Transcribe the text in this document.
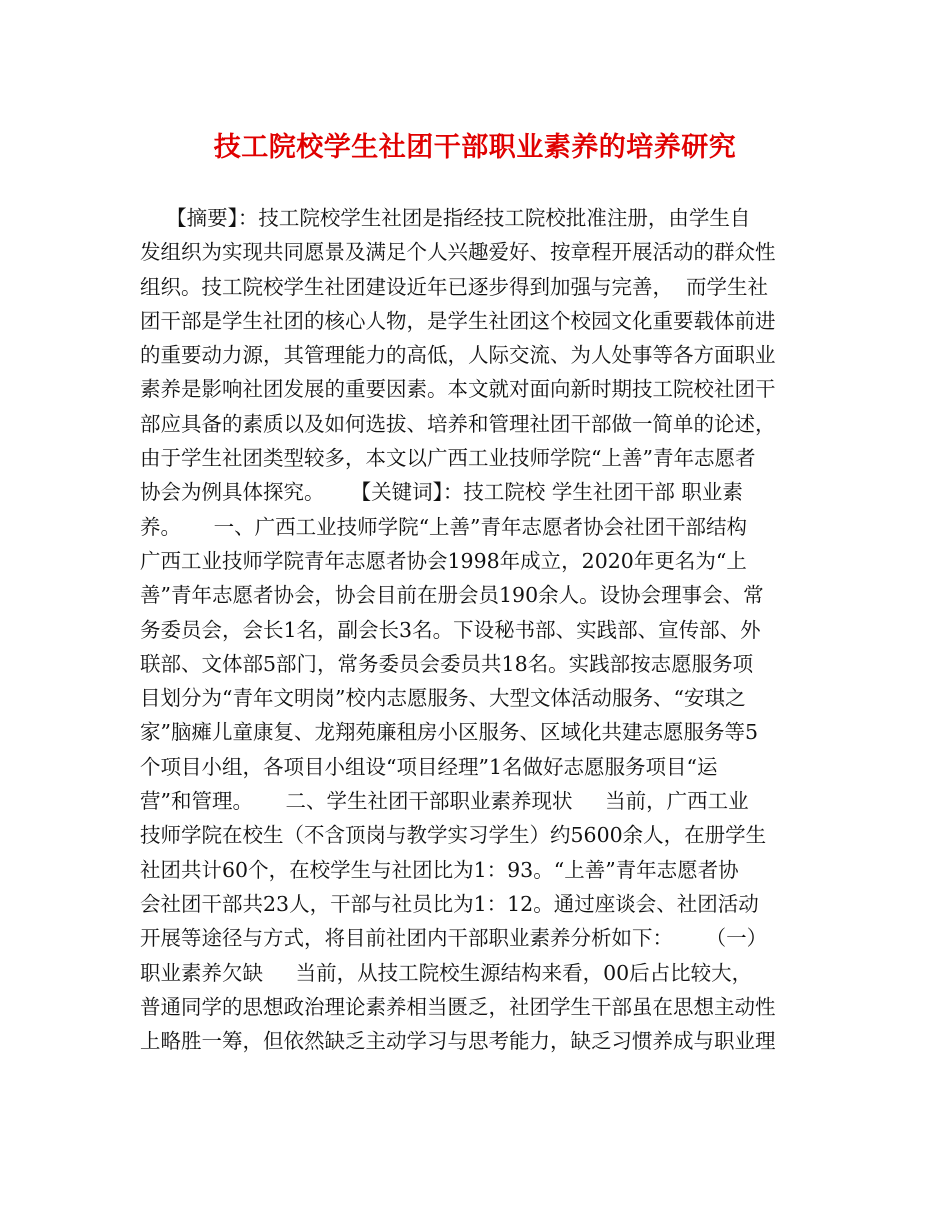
技工院校学生社团干部职业素养的培养研究
【摘要】：技工院校学生社团是指经技工院校批准注册，由学生自
发组织为实现共同愿景及满足个人兴趣爱好、按章程开展活动的群众性
组织。技工院校学生社团建设近年已逐步得到加强与完善，  而学生社
团干部是学生社团的核心人物，是学生社团这个校园文化重要载体前进
的重要动力源，其管理能力的高低，人际交流、为人处事等各方面职业
素养是影响社团发展的重要因素。本文就对面向新时期技工院校社团干
部应具备的素质以及如何选拔、培养和管理社团干部做一简单的论述，
由于学生社团类型较多，本文以广西工业技师学院“上善”青年志愿者
协会为例具体探究。    【关键词】：技工院校 学生社团干部 职业素
养。     一、广西工业技师学院“上善”青年志愿者协会社团干部结构
广西工业技师学院青年志愿者协会1998年成立，2020年更名为“上
善”青年志愿者协会，协会目前在册会员190余人。设协会理事会、常
务委员会，会长1名，副会长3名。下设秘书部、实践部、宣传部、外
联部、文体部5部门，常务委员会委员共18名。实践部按志愿服务项
目划分为“青年文明岗”校内志愿服务、大型文体活动服务、“安琪之
家”脑瘫儿童康复、龙翔苑廉租房小区服务、区域化共建志愿服务等5
个项目小组，各项目小组设“项目经理”1名做好志愿服务项目“运
营”和管理。     二、学生社团干部职业素养现状     当前，广西工业
技师学院在校生（不含顶岗与教学实习学生）约5600余人，在册学生
社团共计60个，在校学生与社团比为1：93。“上善”青年志愿者协
会社团干部共23人，干部与社员比为1：12。通过座谈会、社团活动
开展等途径与方式，将目前社团内干部职业素养分析如下：     （一）
职业素养欠缺     当前，从技工院校生源结构来看，00后占比较大，
普通同学的思想政治理论素养相当匮乏，社团学生干部虽在思想主动性
上略胜一筹，但依然缺乏主动学习与思考能力，缺乏习惯养成与职业理
